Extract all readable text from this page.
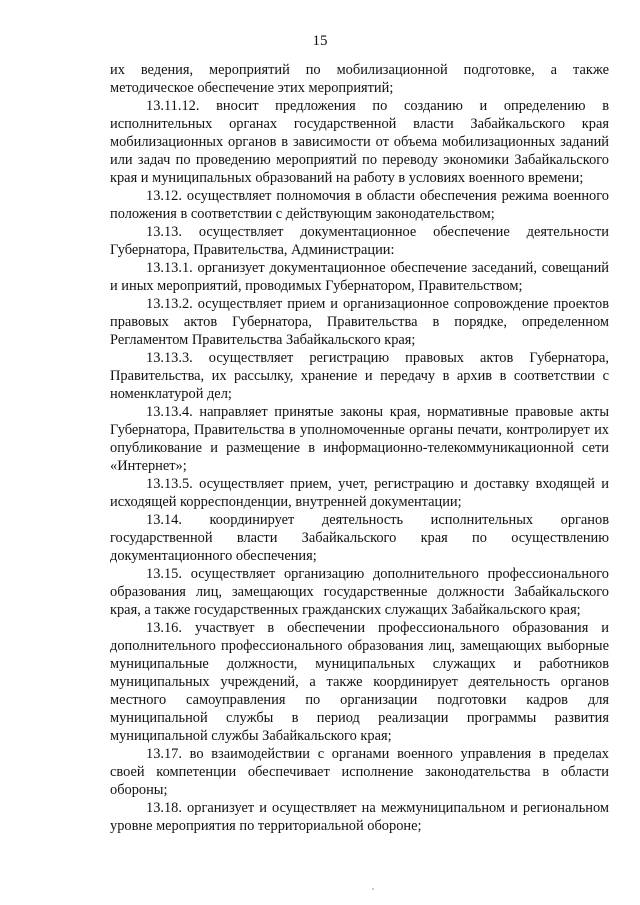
15

их ведения, мероприятий по мобилизационной подготовке, а также методическое обеспечение этих мероприятий;

13.11.12. вносит предложения по созданию и определению в исполнительных органах государственной власти Забайкальского края мобилизационных органов в зависимости от объема мобилизационных заданий или задач по проведению мероприятий по переводу экономики Забайкальского края и муниципальных образований на работу в условиях военного времени;

13.12. осуществляет полномочия в области обеспечения режима военного положения в соответствии с действующим законодательством;

13.13. осуществляет документационное обеспечение деятельности Губернатора, Правительства, Администрации:

13.13.1. организует документационное обеспечение заседаний, совещаний и иных мероприятий, проводимых Губернатором, Правительством;

13.13.2. осуществляет прием и организационное сопровождение проектов правовых актов Губернатора, Правительства в порядке, определенном Регламентом Правительства Забайкальского края;

13.13.3. осуществляет регистрацию правовых актов Губернатора, Правительства, их рассылку, хранение и передачу в архив в соответствии с номенклатурой дел;

13.13.4. направляет принятые законы края, нормативные правовые акты Губернатора, Правительства в уполномоченные органы печати, контролирует их опубликование и размещение в информационно-телекоммуникационной сети «Интернет»;

13.13.5. осуществляет прием, учет, регистрацию и доставку входящей и исходящей корреспонденции, внутренней документации;

13.14. координирует деятельность исполнительных органов государственной власти Забайкальского края по осуществлению документационного обеспечения;

13.15. осуществляет организацию дополнительного профессионального образования лиц, замещающих государственные должности Забайкальского края, а также государственных гражданских служащих Забайкальского края;

13.16. участвует в обеспечении профессионального образования и дополнительного профессионального образования лиц, замещающих выборные муниципальные должности, муниципальных служащих и работников муниципальных учреждений, а также координирует деятельность органов местного самоуправления по организации подготовки кадров для муниципальной службы в период реализации программы развития муниципальной службы Забайкальского края;

13.17. во взаимодействии с органами военного управления в пределах своей компетенции обеспечивает исполнение законодательства в области обороны;

13.18. организует и осуществляет на межмуниципальном и региональном уровне мероприятия по территориальной обороне;
